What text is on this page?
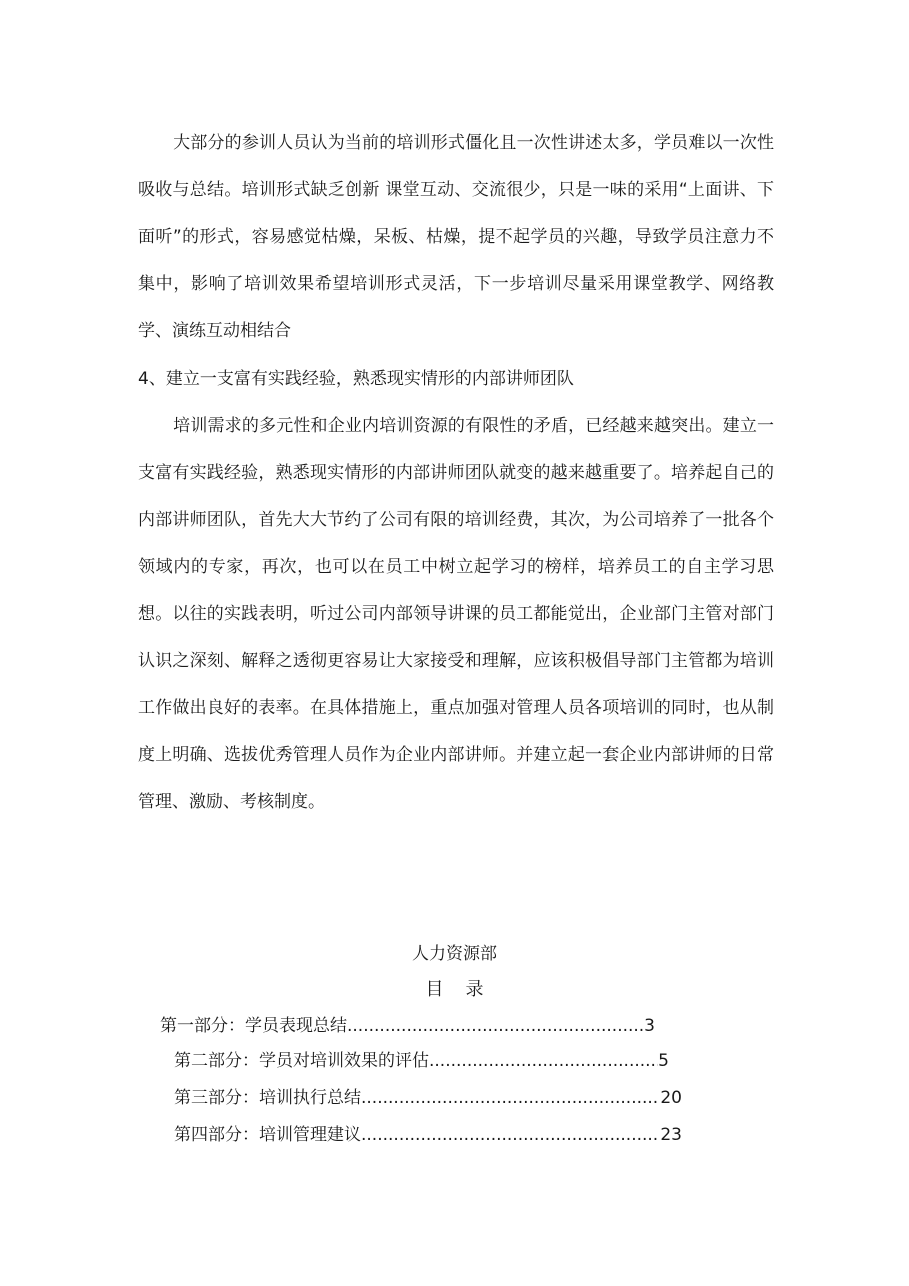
大部分的参训人员认为当前的培训形式僵化且一次性讲述太多，学员难以一次性吸收与总结。培训形式缺乏创新 课堂互动、交流很少，只是一味的采用“上面讲、下面听”的形式，容易感觉枯燥，呆板、枯燥，提不起学员的兴趣，导致学员注意力不集中，影响了培训效果希望培训形式灵活，下一步培训尽量采用课堂教学、网络教学、演练互动相结合

4、建立一支富有实践经验，熟悉现实情形的内部讲师团队

培训需求的多元性和企业内培训资源的有限性的矛盾，已经越来越突出。建立一支富有实践经验，熟悉现实情形的内部讲师团队就变的越来越重要了。培养起自己的内部讲师团队，首先大大节约了公司有限的培训经费，其次，为公司培养了一批各个领域内的专家，再次，也可以在员工中树立起学习的榜样，培养员工的自主学习思想。以往的实践表明，听过公司内部领导讲课的员工都能觉出，企业部门主管对部门认识之深刻、解释之透彻更容易让大家接受和理解，应该积极倡导部门主管都为培训工作做出良好的表率。在具体措施上，重点加强对管理人员各项培训的同时，也从制度上明确、选拔优秀管理人员作为企业内部讲师。并建立起一套企业内部讲师的日常管理、激励、考核制度。

人力资源部
目录
第一部分：学员表现总结 .....	3
第二部分：学员对培训效果的评估 .....	5
第三部分：培训执行总结 .....	20
第四部分：培训管理建议 .....	23
